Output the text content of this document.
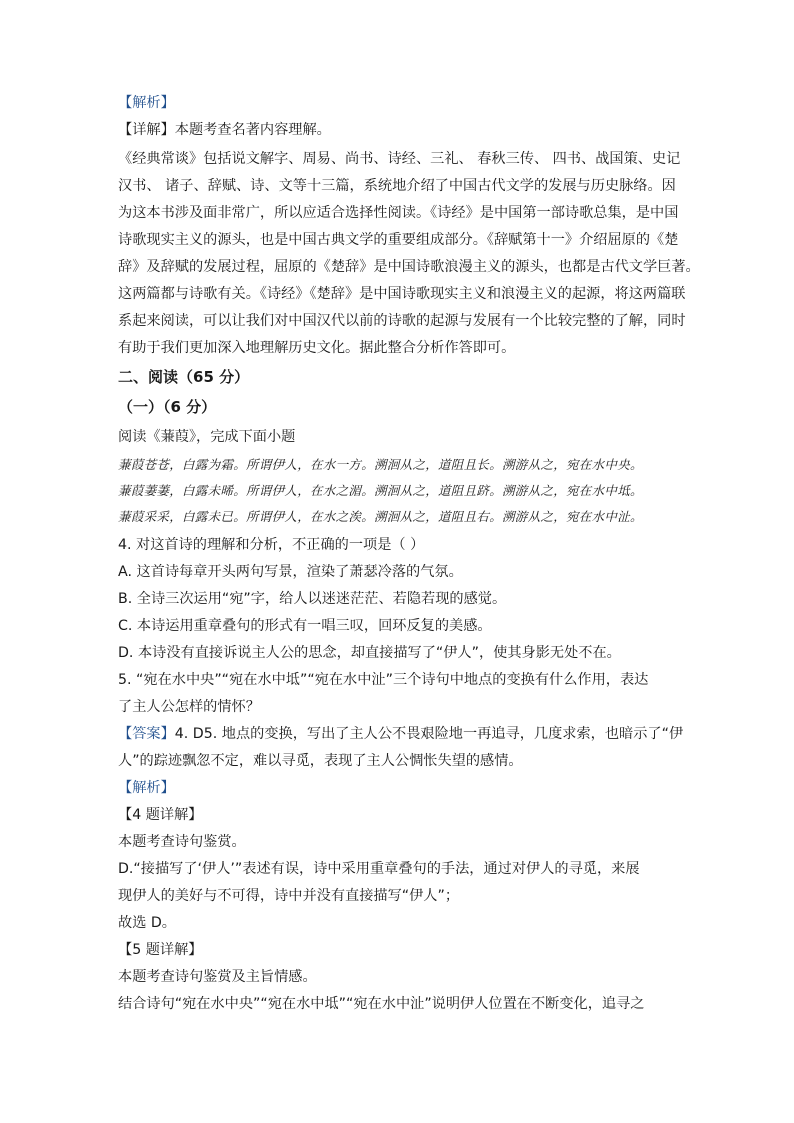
【解析】
【详解】本题考查名著内容理解。
《经典常谈》包括说文解字、周易、尚书、诗经、三礼、 春秋三传、 四书、战国策、史记
汉书、 诸子、辞赋、诗、文等十三篇，系统地介绍了中国古代文学的发展与历史脉络。因
为这本书涉及面非常广，所以应适合选择性阅读。《诗经》是中国第一部诗歌总集，是中国
诗歌现实主义的源头，也是中国古典文学的重要组成部分。《辞赋第十一》介绍屈原的《楚
辞》及辞赋的发展过程，屈原的《楚辞》是中国诗歌浪漫主义的源头，也都是古代文学巨著。
这两篇都与诗歌有关。《诗经》《楚辞》是中国诗歌现实主义和浪漫主义的起源，将这两篇联
系起来阅读，可以让我们对中国汉代以前的诗歌的起源与发展有一个比较完整的了解，同时
有助于我们更加深入地理解历史文化。据此整合分析作答即可。
二、阅读（65 分）
（一）（6 分）
阅读《蒹葭》，完成下面小题
蒹葭苍苍，白露为霜。所谓伊人，在水一方。溯洄从之，道阻且长。溯游从之，宛在水中央。
蒹葭萋萋，白露未晞。所谓伊人，在水之湄。溯洄从之，道阻且跻。溯游从之，宛在水中坻。
蒹葭采采，白露未已。所谓伊人，在水之涘。溯洄从之，道阻且右。溯游从之，宛在水中沚。
4. 对这首诗的理解和分析，不正确的一项是（ ）
A. 这首诗每章开头两句写景，渲染了萧瑟冷落的气氛。
B. 全诗三次运用“宛”字，给人以迷迷茫茫、若隐若现的感觉。
C. 本诗运用重章叠句的形式有一唱三叹，回环反复的美感。
D. 本诗没有直接诉说主人公的思念，却直接描写了“伊人”，使其身影无处不在。
5. “宛在水中央”“宛在水中坻”“宛在水中沚”三个诗句中地点的变换有什么作用，表达
了主人公怎样的情怀？
【答案】4. D5. 地点的变换，写出了主人公不畏艰险地一再追寻，几度求索，也暗示了“伊
人”的踪迹飘忽不定，难以寻觅，表现了主人公惆怅失望的感情。
【解析】
【4 题详解】
本题考查诗句鉴赏。
D.“接描写了‘伊人’”表述有误，诗中采用重章叠句的手法，通过对伊人的寻觅，来展
现伊人的美好与不可得，诗中并没有直接描写“伊人”；
故选 D。
【5 题详解】
本题考查诗句鉴赏及主旨情感。
结合诗句“宛在水中央”“宛在水中坻”“宛在水中沚”说明伊人位置在不断变化，追寻之
